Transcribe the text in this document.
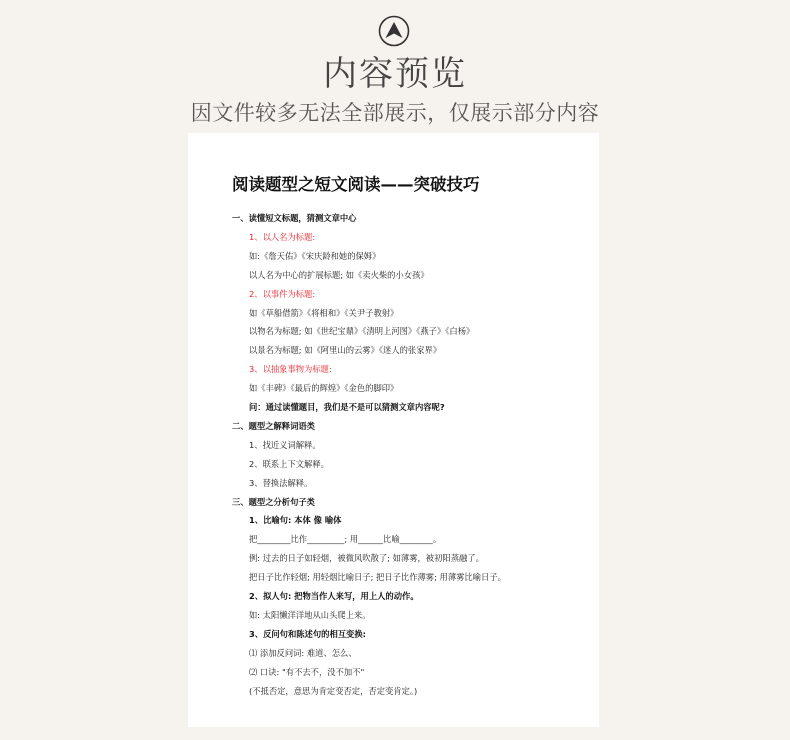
内容预览
因文件较多无法全部展示，仅展示部分内容
阅读题型之短文阅读——突破技巧
一、读懂短文标题，猜测文章中心
1、以人名为标题:
如:《詹天佑》《宋庆龄和她的保姆》
以人名为中心的扩展标题; 如《卖火柴的小女孩》
2、以事件为标题:
如《草船借箭》《将相和》《关尹子教射》
以物名为标题; 如《世纪宝鼎》《清明上河图》《燕子》《白杨》
以景名为标题; 如《阿里山的云雾》《迷人的张家界》
3、以抽象事物为标题:
如《丰碑》《最后的辉煌》《金色的脚印》
问：通过读懂题目，我们是不是可以猜测文章内容呢?
二、题型之解释词语类
1、找近义词解释。
2、联系上下文解释。
3、替换法解释。
三、题型之分析句子类
1、比喻句: 本体 像 喻体
把________比作_________; 用______比喻________。
例: 过去的日子如轻烟，被微风吹散了; 如薄雾，被初阳蒸融了。
把日子比作轻烟; 用轻烟比喻日子; 把日子比作薄雾; 用薄雾比喻日子。
2、拟人句: 把物当作人来写，用上人的动作。
如: 太阳懒洋洋地从山头爬上来。
3、反问句和陈述句的相互变换:
⑴ 添加反问词: 难道、怎么、
⑵ 口诀: "有不去不，没不加不"
(不抵否定，意思为肯定变否定，否定变肯定。)
